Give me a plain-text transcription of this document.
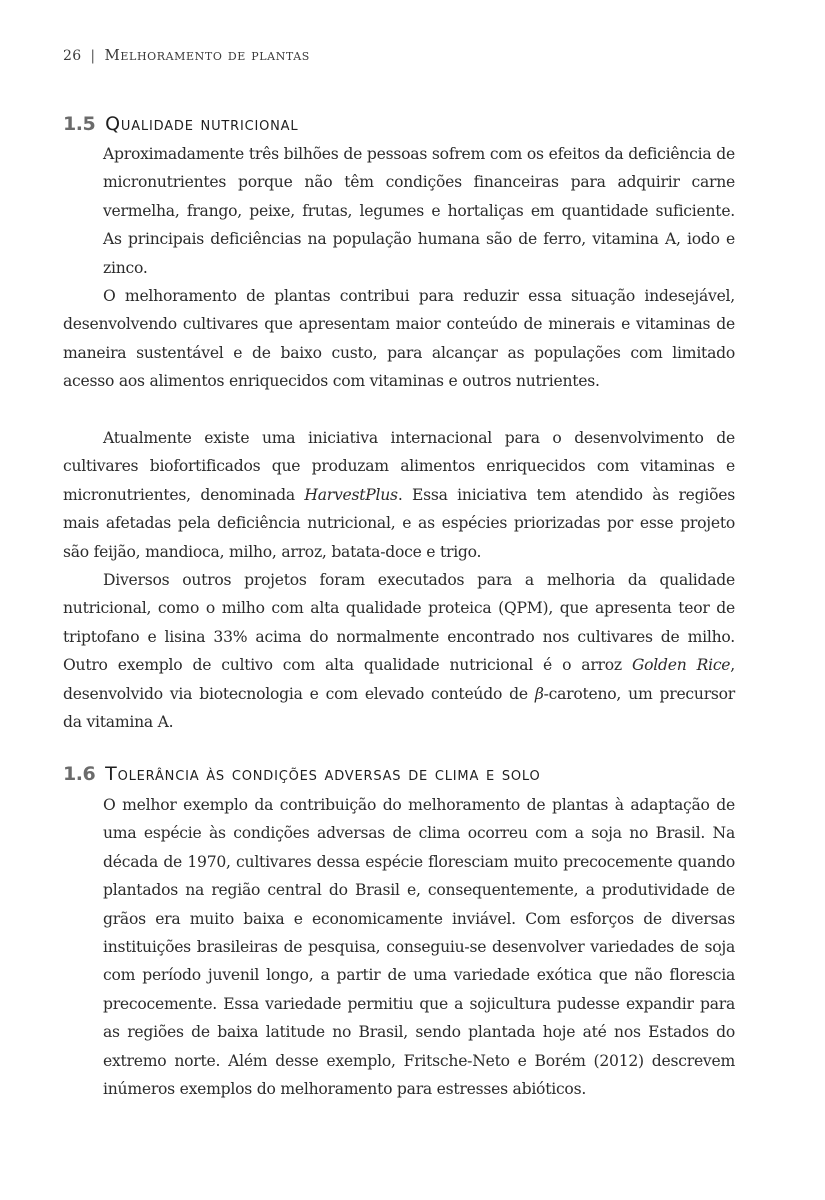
26 | Melhoramento de plantas
1.5 Qualidade nutricional

Aproximadamente três bilhões de pessoas sofrem com os efeitos da deficiência de micronutrientes porque não têm condições financeiras para adquirir carne vermelha, frango, peixe, frutas, legumes e hortaliças em quantidade suficiente. As principais deficiências na população humana são de ferro, vitamina A, iodo e zinco.

O melhoramento de plantas contribui para reduzir essa situação indesejável, desenvolvendo cultivares que apresentam maior conteúdo de minerais e vitaminas de maneira sustentável e de baixo custo, para alcançar as populações com limitado acesso aos alimentos enriquecidos com vitaminas e outros nutrientes.

Atualmente existe uma iniciativa internacional para o desenvolvimento de cultivares biofortificados que produzam alimentos enriquecidos com vitaminas e micronutrientes, denominada HarvestPlus. Essa iniciativa tem atendido às regiões mais afetadas pela deficiência nutricional, e as espécies priorizadas por esse projeto são feijão, mandioca, milho, arroz, batata-doce e trigo.

Diversos outros projetos foram executados para a melhoria da qualidade nutricional, como o milho com alta qualidade proteica (QPM), que apresenta teor de triptofano e lisina 33% acima do normalmente encontrado nos cultivares de milho. Outro exemplo de cultivo com alta qualidade nutricional é o arroz Golden Rice, desenvolvido via biotecnologia e com elevado conteúdo de β-caroteno, um precursor da vitamina A.

1.6 Tolerância às condições adversas de clima e solo

O melhor exemplo da contribuição do melhoramento de plantas à adaptação de uma espécie às condições adversas de clima ocorreu com a soja no Brasil. Na década de 1970, cultivares dessa espécie floresciam muito precocemente quando plantados na região central do Brasil e, consequentemente, a produtividade de grãos era muito baixa e economicamente inviável. Com esforços de diversas instituições brasileiras de pesquisa, conseguiu-se desenvolver variedades de soja com período juvenil longo, a partir de uma variedade exótica que não florescia precocemente. Essa variedade permitiu que a sojicultura pudesse expandir para as regiões de baixa latitude no Brasil, sendo plantada hoje até nos Estados do extremo norte. Além desse exemplo, Fritsche-Neto e Borém (2012) descrevem inúmeros exemplos do melhoramento para estresses abióticos.
